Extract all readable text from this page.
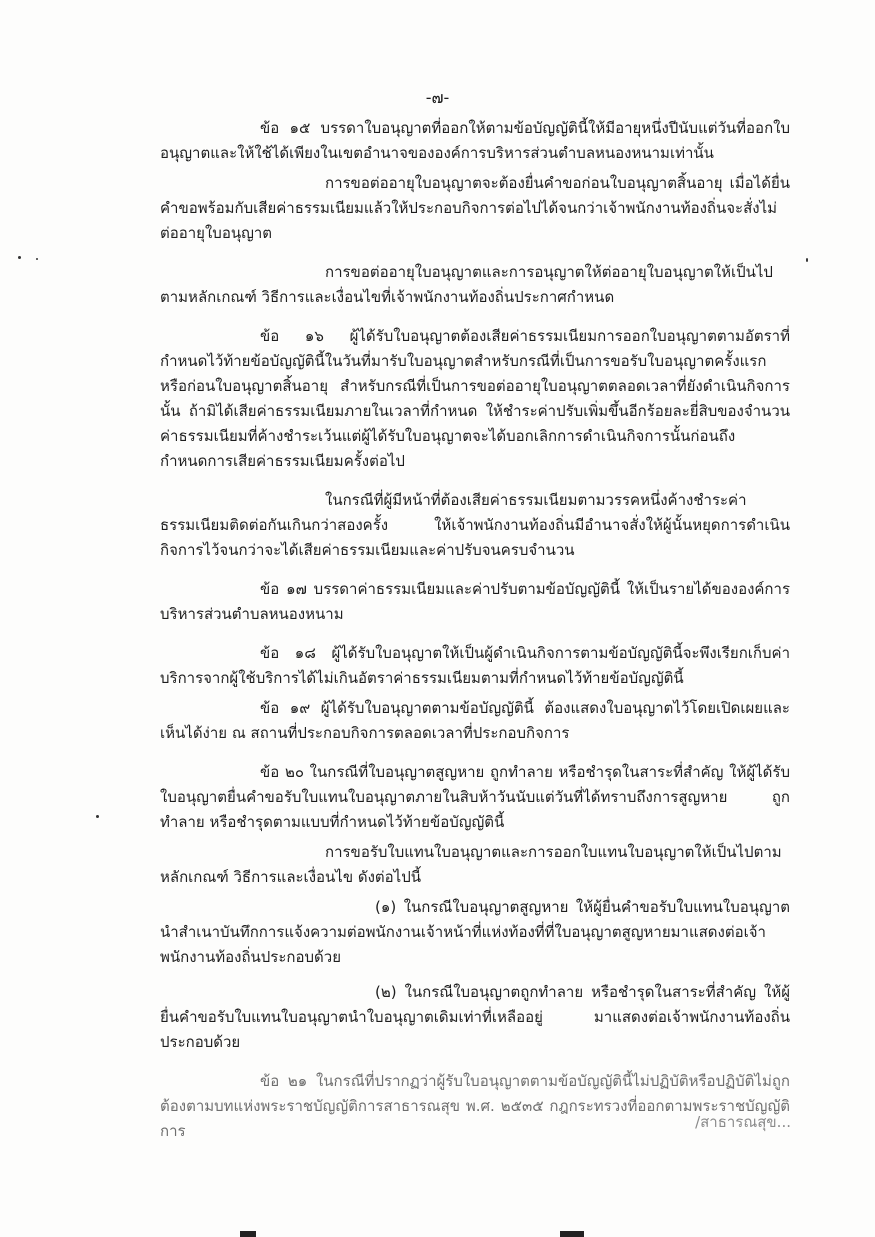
-๗-

ข้อ ๑๕ บรรดาใบอนุญาตที่ออกให้ตามข้อบัญญัตินี้ให้มีอายุหนึ่งปีนับแต่วันที่ออกใบอนุญาตและให้ใช้ได้เพียงในเขตอำนาจขององค์การบริหารส่วนตำบลหนองหนามเท่านั้น

การขอต่ออายุใบอนุญาตจะต้องยื่นคำขอก่อนใบอนุญาตสิ้นอายุ เมื่อได้ยื่นคำขอพร้อมกับเสียค่าธรรมเนียมแล้วให้ประกอบกิจการต่อไปได้จนกว่าเจ้าพนักงานท้องถิ่นจะสั่งไม่ต่ออายุใบอนุญาต

การขอต่ออายุใบอนุญาตและการอนุญาตให้ต่ออายุใบอนุญาตให้เป็นไปตามหลักเกณฑ์ วิธีการและเงื่อนไขที่เจ้าพนักงานท้องถิ่นประกาศกำหนด

ข้อ ๑๖ ผู้ได้รับใบอนุญาตต้องเสียค่าธรรมเนียมการออกใบอนุญาตตามอัตราที่กำหนดไว้ท้ายข้อบัญญัตินี้ในวันที่มารับใบอนุญาตสำหรับกรณีที่เป็นการขอรับใบอนุญาตครั้งแรก หรือก่อนใบอนุญาตสิ้นอายุ สำหรับกรณีที่เป็นการขอต่ออายุใบอนุญาตตลอดเวลาที่ยังดำเนินกิจการนั้น ถ้ามิได้เสียค่าธรรมเนียมภายในเวลาที่กำหนด ให้ชำระค่าปรับเพิ่มขึ้นอีกร้อยละยี่สิบของจำนวนค่าธรรมเนียมที่ค้างชำระเว้นแต่ผู้ได้รับใบอนุญาตจะได้บอกเลิกการดำเนินกิจการนั้นก่อนถึงกำหนดการเสียค่าธรรมเนียมครั้งต่อไป

ในกรณีที่ผู้มีหน้าที่ต้องเสียค่าธรรมเนียมตามวรรคหนึ่งค้างชำระค่าธรรมเนียมติดต่อกันเกินกว่าสองครั้ง ให้เจ้าพนักงานท้องถิ่นมีอำนาจสั่งให้ผู้นั้นหยุดการดำเนินกิจการไว้จนกว่าจะได้เสียค่าธรรมเนียมและค่าปรับจนครบจำนวน

ข้อ ๑๗ บรรดาค่าธรรมเนียมและค่าปรับตามข้อบัญญัตินี้ ให้เป็นรายได้ขององค์การบริหารส่วนตำบลหนองหนาม

ข้อ ๑๘ ผู้ได้รับใบอนุญาตให้เป็นผู้ดำเนินกิจการตามข้อบัญญัตินี้จะพึงเรียกเก็บค่าบริการจากผู้ใช้บริการได้ไม่เกินอัตราค่าธรรมเนียมตามที่กำหนดไว้ท้ายข้อบัญญัตินี้

ข้อ ๑๙ ผู้ได้รับใบอนุญาตตามข้อบัญญัตินี้ ต้องแสดงใบอนุญาตไว้โดยเปิดเผยและเห็นได้ง่าย ณ สถานที่ประกอบกิจการตลอดเวลาที่ประกอบกิจการ

ข้อ ๒๐ ในกรณีที่ใบอนุญาตสูญหาย ถูกทำลาย หรือชำรุดในสาระที่สำคัญ ให้ผู้ได้รับใบอนุญาตยื่นคำขอรับใบแทนใบอนุญาตภายในสิบห้าวันนับแต่วันที่ได้ทราบถึงการสูญหาย ถูกทำลาย หรือชำรุดตามแบบที่กำหนดไว้ท้ายข้อบัญญัตินี้

การขอรับใบแทนใบอนุญาตและการออกใบแทนใบอนุญาตให้เป็นไปตามหลักเกณฑ์ วิธีการและเงื่อนไข ดังต่อไปนี้

(๑) ในกรณีใบอนุญาตสูญหาย ให้ผู้ยื่นคำขอรับใบแทนใบอนุญาตนำสำเนาบันทึกการแจ้งความต่อพนักงานเจ้าหน้าที่แห่งท้องที่ที่ใบอนุญาตสูญหายมาแสดงต่อเจ้าพนักงานท้องถิ่นประกอบด้วย

(๒) ในกรณีใบอนุญาตถูกทำลาย หรือชำรุดในสาระที่สำคัญ ให้ผู้ยื่นคำขอรับใบแทนใบอนุญาตนำใบอนุญาตเดิมเท่าที่เหลืออยู่ มาแสดงต่อเจ้าพนักงานท้องถิ่นประกอบด้วย

ข้อ ๒๑ ในกรณีที่ปรากฏว่าผู้รับใบอนุญาตตามข้อบัญญัตินี้ไม่ปฏิบัติหรือปฏิบัติไม่ถูกต้องตามบทแห่งพระราชบัญญัติการสาธารณสุข พ.ศ. ๒๕๓๕ กฎกระทรวงที่ออกตามพระราชบัญญัติการ	/สาธารณสุข...
